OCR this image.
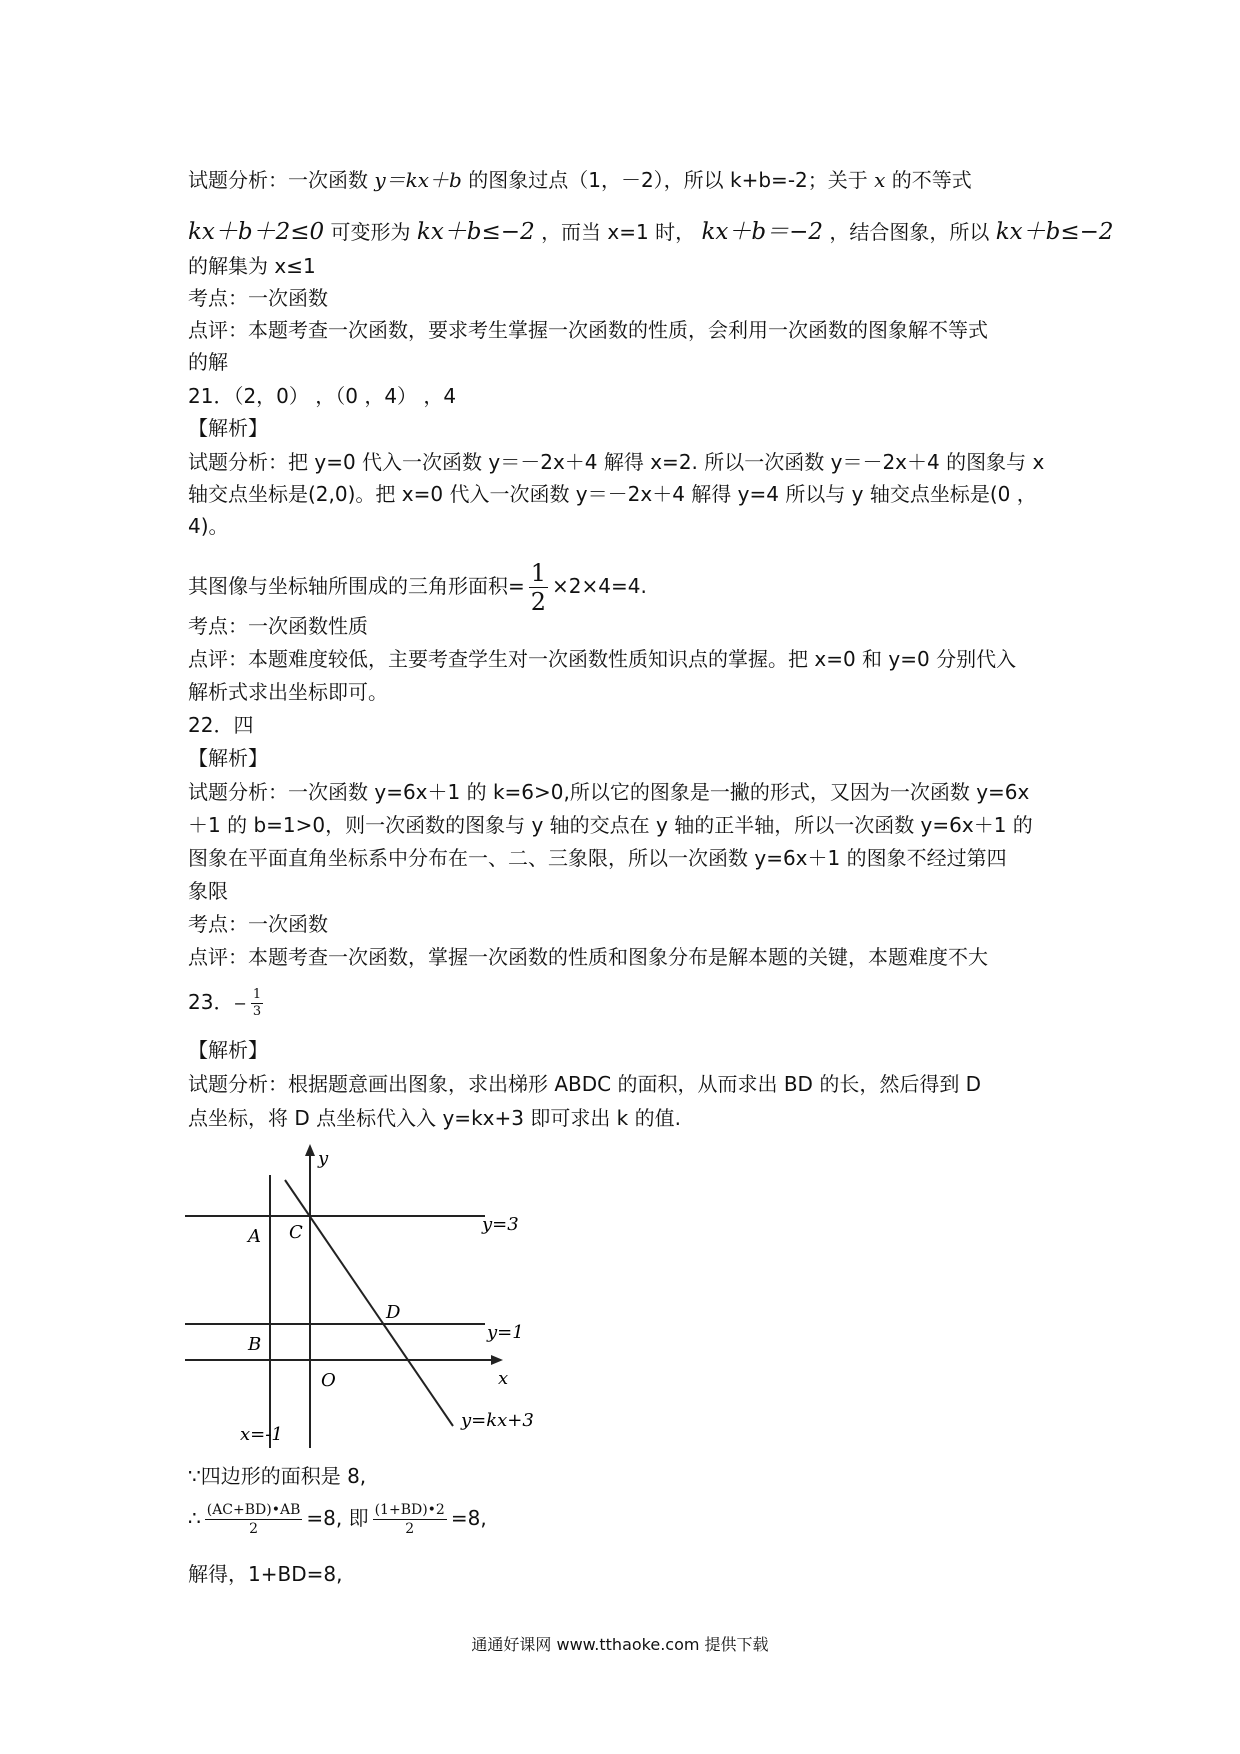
试题分析：一次函数 y＝kx＋b 的图象过点（1，－2），所以 k+b=-2；关于 x 的不等式
kx＋b＋2≤0 可变形为 kx＋b≤−2 ，而当 x=1 时， kx＋b＝−2 ，结合图象，所以 kx＋b≤−2
的解集为 x≤1
考点：一次函数
点评：本题考查一次函数，要求考生掌握一次函数的性质，会利用一次函数的图象解不等式
的解
21．（2，0） ，（0 ，4） ，4
【解析】
试题分析：把 y=0 代入一次函数 y＝－2x＋4 解得 x=2. 所以一次函数 y＝－2x＋4 的图象与 x
轴交点坐标是(2,0)。把 x=0 代入一次函数 y＝－2x＋4 解得 y=4 所以与 y 轴交点坐标是(0 ，
4)。
其图像与坐标轴所围成的三角形面积= $\frac{1}{2} \times 2\times 4=4$.
考点：一次函数性质
点评：本题难度较低，主要考查学生对一次函数性质知识点的掌握。把 x=0 和 y=0 分别代入
解析式求出坐标即可。
22．四
【解析】
试题分析：一次函数 y=6x＋1 的 k=6>0,所以它的图象是一撇的形式，又因为一次函数 y=6x
＋1 的 b=1>0，则一次函数的图象与 y 轴的交点在 y 轴的正半轴，所以一次函数 y=6x＋1 的
图象在平面直角坐标系中分布在一、二、三象限，所以一次函数 y=6x＋1 的图象不经过第四
象限
考点：一次函数
点评：本题考查一次函数，掌握一次函数的性质和图象分布是解本题的关键，本题难度不大
23．− $\frac{1}{3}$
【解析】
试题分析：根据题意画出图象，求出梯形 ABDC 的面积，从而求出 BD 的长，然后得到 D
点坐标，将 D 点坐标代入入 y=kx+3 即可求出 k 的值.
y
x
A C
D
B
O
y=3
y=1
x=-1
y=kx+3
∵四边形的面积是 8,
∴ $\frac{(AC+BD)•AB}{2} =8$, 即 $\frac{(1+BD)•2}{2} =8$,
解得，1+BD=8,
通通好课网 www.tthaoke.com 提供下载
